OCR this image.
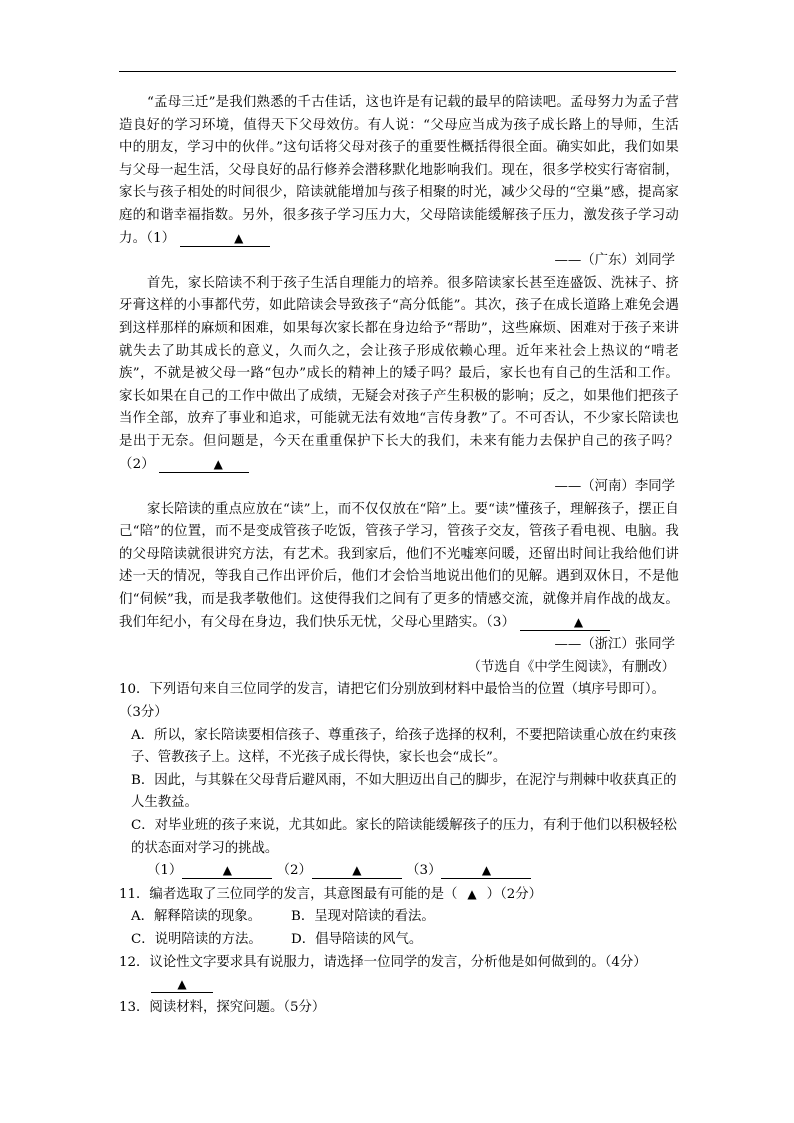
“孟母三迁”是我们熟悉的千古佳话，这也许是有记载的最早的陪读吧。孟母努力为孟子营造良好的学习环境，值得天下父母效仿。有人说：“父母应当成为孩子成长路上的导师，生活中的朋友，学习中的伙伴。”这句话将父母对孩子的重要性概括得很全面。确实如此，我们如果与父母一起生活，父母良好的品行修养会潜移默化地影响我们。现在，很多学校实行寄宿制，家长与孩子相处的时间很少，陪读就能增加与孩子相聚的时光，减少父母的“空巢”感，提高家庭的和谐幸福指数。另外，很多孩子学习压力大，父母陪读能缓解孩子压力，激发孩子学习动力。（1）	▲

——（广东）刘同学

首先，家长陪读不利于孩子生活自理能力的培养。很多陪读家长甚至连盛饭、洗袜子、挤牙膏这样的小事都代劳，如此陪读会导致孩子“高分低能”。其次，孩子在成长道路上难免会遇到这样那样的麻烦和困难，如果每次家长都在身边给予“帮助”，这些麻烦、困难对于孩子来讲就失去了助其成长的意义，久而久之，会让孩子形成依赖心理。近年来社会上热议的“啃老族”，不就是被父母一路“包办”成长的精神上的矮子吗？最后，家长也有自己的生活和工作。家长如果在自己的工作中做出了成绩，无疑会对孩子产生积极的影响；反之，如果他们把孩子当作全部，放弃了事业和追求，可能就无法有效地“言传身教”了。不可否认，不少家长陪读也是出于无奈。但问题是，今天在重重保护下长大的我们，未来有能力去保护自己的孩子吗？（2）	▲

——（河南）李同学

家长陪读的重点应放在“读”上，而不仅仅放在“陪”上。要“读”懂孩子，理解孩子，摆正自己“陪”的位置，而不是变成管孩子吃饭，管孩子学习，管孩子交友，管孩子看电视、电脑。我的父母陪读就很讲究方法，有艺术。我到家后，他们不光嘘寒问暖，还留出时间让我给他们讲述一天的情况，等我自己作出评价后，他们才会恰当地说出他们的见解。遇到双休日，不是他们“伺候”我，而是我孝敬他们。这使得我们之间有了更多的情感交流，就像并肩作战的战友。我们年纪小，有父母在身边，我们快乐无忧，父母心里踏实。（3）	▲

——（浙江）张同学

（节选自《中学生阅读》，有删改）

10．下列语句来自三位同学的发言，请把它们分别放到材料中最恰当的位置（填序号即可）。（3分）

A．所以，家长陪读要相信孩子、尊重孩子，给孩子选择的权利，不要把陪读重心放在约束孩子、管教孩子上。这样，不光孩子成长得快，家长也会“成长”。

B．因此，与其躲在父母背后避风雨，不如大胆迈出自己的脚步，在泥泞与荆棘中收获真正的人生教益。

C．对毕业班的孩子来说，尤其如此。家长的陪读能缓解孩子的压力，有利于他们以积极轻松的状态面对学习的挑战。

（1）	▲	（2）	▲	（3）	▲

11．编者选取了三位同学的发言，其意图最有可能的是（ ▲ ）（2分）

A．解释陪读的现象。	B．呈现对陪读的看法。

C．说明陪读的方法。	D．倡导陪读的风气。

12．议论性文字要求具有说服力，请选择一位同学的发言，分析他是如何做到的。（4分）

▲

13．阅读材料，探究问题。（5分）
